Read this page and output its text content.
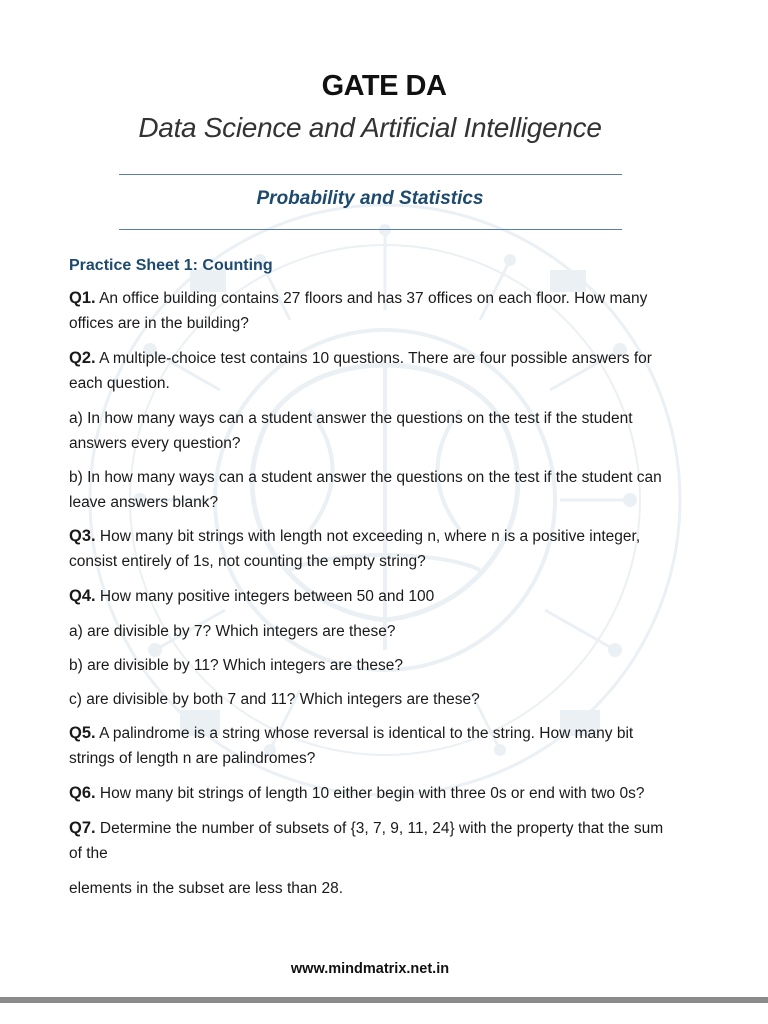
GATE DA
Data Science and Artificial Intelligence
Probability and Statistics
Practice Sheet 1: Counting
Q1. An office building contains 27 floors and has 37 offices on each floor. How many offices are in the building?
Q2. A multiple-choice test contains 10 questions. There are four possible answers for each question.
a) In how many ways can a student answer the questions on the test if the student answers every question?
b) In how many ways can a student answer the questions on the test if the student can leave answers blank?
Q3. How many bit strings with length not exceeding n, where n is a positive integer, consist entirely of 1s, not counting the empty string?
Q4. How many positive integers between 50 and 100
a) are divisible by 7? Which integers are these?
b) are divisible by 11? Which integers are these?
c) are divisible by both 7 and 11? Which integers are these?
Q5. A palindrome is a string whose reversal is identical to the string. How many bit strings of length n are palindromes?
Q6. How many bit strings of length 10 either begin with three 0s or end with two 0s?
Q7. Determine the number of subsets of {3, 7, 9, 11, 24} with the property that the sum of the
elements in the subset are less than 28.
www.mindmatrix.net.in
